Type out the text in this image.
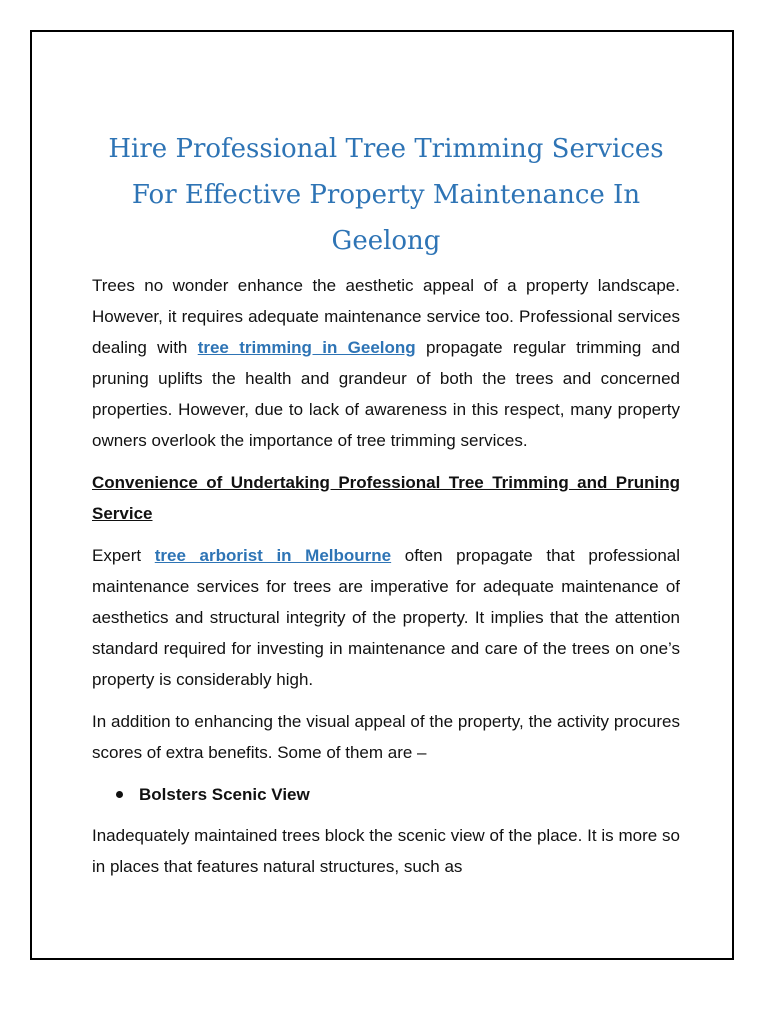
Hire Professional Tree Trimming Services For Effective Property Maintenance In Geelong

Trees no wonder enhance the aesthetic appeal of a property landscape. However, it requires adequate maintenance service too. Professional services dealing with tree trimming in Geelong propagate regular trimming and pruning uplifts the health and grandeur of both the trees and concerned properties. However, due to lack of awareness in this respect, many property owners overlook the importance of tree trimming services.

Convenience of Undertaking Professional Tree Trimming and Pruning Service

Expert tree arborist in Melbourne often propagate that professional maintenance services for trees are imperative for adequate maintenance of aesthetics and structural integrity of the property. It implies that the attention standard required for investing in maintenance and care of the trees on one’s property is considerably high.

In addition to enhancing the visual appeal of the property, the activity procures scores of extra benefits. Some of them are –

Bolsters Scenic View

Inadequately maintained trees block the scenic view of the place. It is more so in places that features natural structures, such as
